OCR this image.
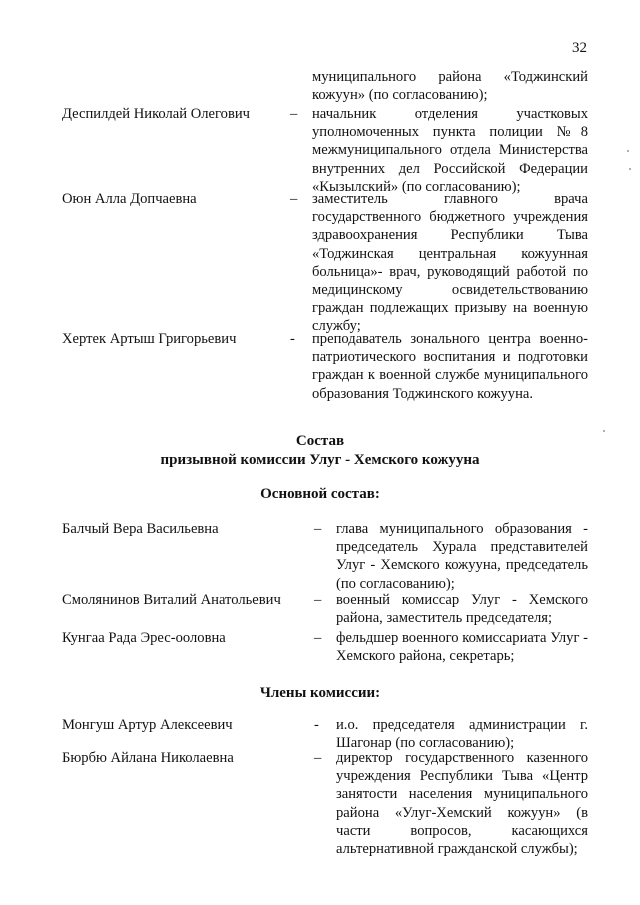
32

муниципального района «Тоджинский кожуун» (по согласованию);

Деспилдей Николай Олегович	– начальник отделения участковых уполномоченных пункта полиции №8 межмуниципального отдела Министерства внутренних дел Российской Федерации «Кызылский» (по согласованию);

Оюн Алла Допчаевна	– заместитель главного врача государственного бюджетного учреждения здравоохранения Республики Тыва «Тоджинская центральная кожуунная больница»- врач, руководящий работой по медицинскому освидетельствованию граждан подлежащих призыву на военную службу;

Хертек Артыш Григорьевич	- преподаватель зонального центра военно-патриотического воспитания и подготовки граждан к военной службе муниципального образования Тоджинского кожууна.

Состав
призывной комиссии Улуг - Хемского кожууна
Основной состав:
Балчый Вера Васильевна	– глава муниципального образования - председатель Хурала представителей Улуг - Хемского кожууна, председатель (по согласованию);

Смолянинов Виталий Анатольевич – военный комиссар Улуг - Хемского района, заместитель председателя;

Кунгаа Рада Эрес-ооловна	– фельдшер военного комиссариата Улуг - Хемского района, секретарь;

Члены комиссии:
Монгуш Артур Алексеевич	- и.о. председателя администрации г. Шагонар (по согласованию);

Бюрбю Айлана Николаевна	– директор государственного казенного учреждения Республики Тыва «Центр занятости населения муниципального района «Улуг-Хемский кожуун» (в части вопросов, касающихся альтернативной гражданской службы);
